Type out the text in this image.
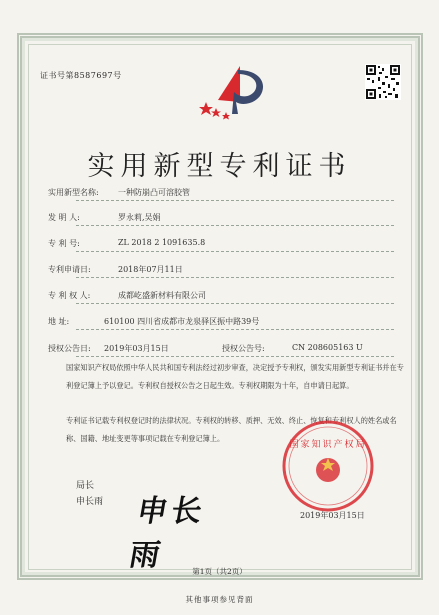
证书号第8587697号
实用新型专利证书
实用新型名称: 一种防崩凸可溶胶管
发 明 人:	罗永莉,吴娟
专 利 号:	ZL 2018 2 1091635.8
专利申请日:	2018年07月11日
专 利 权 人:	成都屹盛新材料有限公司
地 址:	610100 四川省成都市龙泉驿区振中路39号
授权公告日: 2019年03月15日	授权公告号:	CN 208605163 U
国家知识产权局依照中华人民共和国专利法经过初步审查，决定授予专利权，颁发实用新型专利证书并在专利登记簿上予以登记。专利权自授权公告之日起生效。专利权期限为十年，自申请日起算。
专利证书记载专利权登记时的法律状况。专利权的转移、质押、无效、终止、恢复和专利权人的姓名或名称、国籍、地址变更等事项记载在专利登记簿上。
国家知识产权局
2019年03月15日
局长
申长雨 申长雨	第1页（共2页）
其他事项参见背面
